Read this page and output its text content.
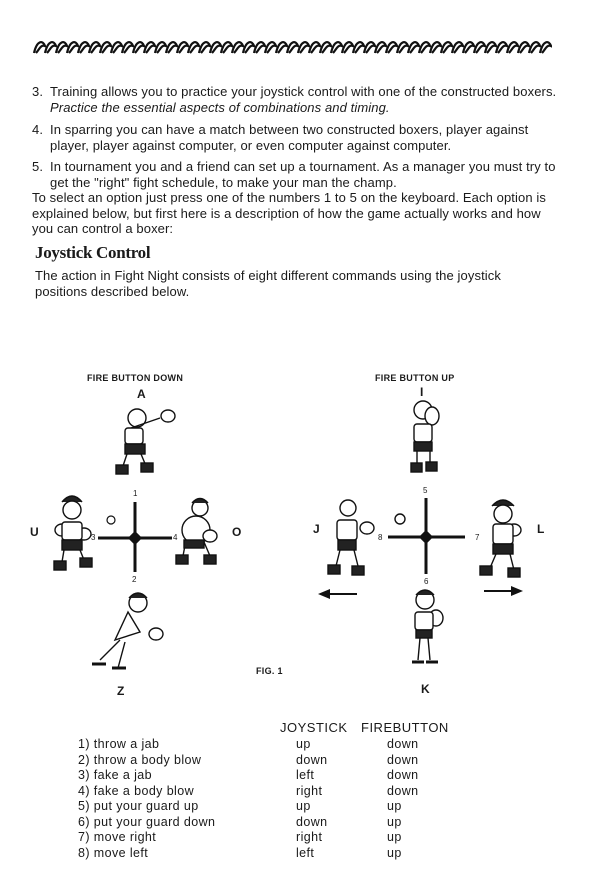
3. Training allows you to practice your joystick control with one of the constructed boxers. Practice the essential aspects of combinations and timing.
4. In sparring you can have a match between two constructed boxers, player against player, player against computer, or even computer against computer.
5. In tournament you and a friend can set up a tournament. As a manager you must try to get the "right" fight schedule, to make your man the champ.
To select an option just press one of the numbers 1 to 5 on the keyboard. Each option is explained below, but first here is a description of how the game actually works and how you can control a boxer:
Joystick Control
The action in Fight Night consists of eight different commands using the joystick positions described below.
FIRE BUTTON DOWN	FIRE BUTTON UP
FIG. 1
A
U	O
Z
I
J	L
K
1
3	4
2
5
8	7
6
JOYSTICK FIREBUTTON
1) throw a jab	up	down
2) throw a body blow	down	down
3) fake a jab	left	down
4) fake a body blow	right	down
5) put your guard up	up	up
6) put your guard down	down	up
7) move right	right	up
8) move left	left	up
